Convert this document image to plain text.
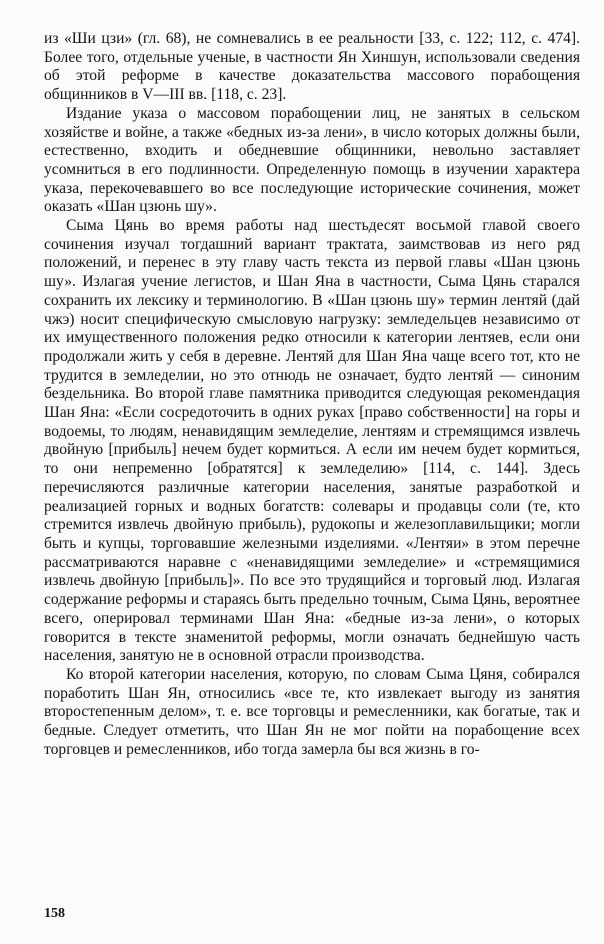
из «Ши цзи» (гл. 68), не сомневались в ее реальности [33, с. 122; 112, с. 474]. Более того, отдельные ученые, в частности Ян Хиншун, использовали сведения об этой реформе в качестве доказательства массового порабощения общинников в V—III вв. [118, с. 23].

Издание указа о массовом порабощении лиц, не занятых в сельском хозяйстве и войне, а также «бедных из-за лени», в число которых должны были, естественно, входить и обедневшие общинники, невольно заставляет усомниться в его подлинности. Определенную помощь в изучении характера указа, перекочевавшего во все последующие исторические сочинения, может оказать «Шан цзюнь шу».

Сыма Цянь во время работы над шестьдесят восьмой главой своего сочинения изучал тогдашний вариант трактата, заимствовав из него ряд положений, и перенес в эту главу часть текста из первой главы «Шан цзюнь шу». Излагая учение легистов, и Шан Яна в частности, Сыма Цянь старался сохранить их лексику и терминологию. В «Шан цзюнь шу» термин лентяй (дай чжэ) носит специфическую смысловую нагрузку: земледельцев независимо от их имущественного положения редко относили к категории лентяев, если они продолжали жить у себя в деревне. Лентяй для Шан Яна чаще всего тот, кто не трудится в земледелии, но это отнюдь не означает, будто лентяй — синоним бездельника. Во второй главе памятника приводится следующая рекомендация Шан Яна: «Если сосредоточить в одних руках [право собственности] на горы и водоемы, то людям, ненавидящим земледелие, лентяям и стремящимся извлечь двойную [прибыль] нечем будет кормиться. А если им нечем будет кормиться, то они непременно [обратятся] к земледелию» [114, с. 144]. Здесь перечисляются различные категории населения, занятые разработкой и реализацией горных и водных богатств: солевары и продавцы соли (те, кто стремится извлечь двойную прибыль), рудокопы и железоплавильщики; могли быть и купцы, торговавшие железными изделиями. «Лентяи» в этом перечне рассматриваются наравне с «ненавидящими земледелие» и «стремящимися извлечь двойную [прибыль]». По все это трудящийся и торговый люд. Излагая содержание реформы и стараясь быть предельно точным, Сыма Цянь, вероятнее всего, оперировал терминами Шан Яна: «бедные из-за лени», о которых говорится в тексте знаменитой реформы, могли означать беднейшую часть населения, занятую не в основной отрасли производства.

Ко второй категории населения, которую, по словам Сыма Цяня, собирался поработить Шан Ян, относились «все те, кто извлекает выгоду из занятия второстепенным делом», т. е. все торговцы и ремесленники, как богатые, так и бедные. Следует отметить, что Шан Ян не мог пойти на порабощение всех торговцев и ремесленников, ибо тогда замерла бы вся жизнь в го-

158
